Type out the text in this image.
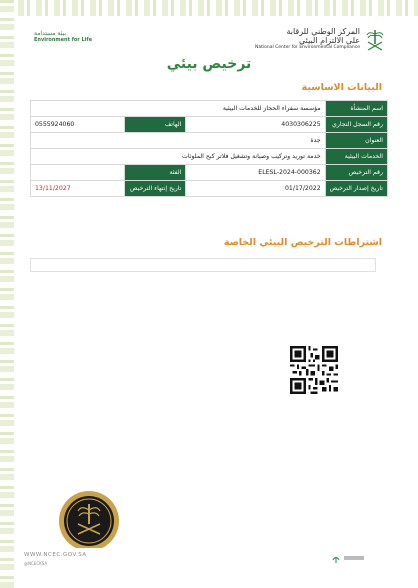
بيئة مستدامة
Environment for Life
المركز الوطني للرقابة
على الالتزام البيئي
National Center for Environmental Compliance
ترخيص بيئي
البيانات الاساسية
اسم المنشأة	مؤسسة سفراء الحجاز للخدمات البيئية		
رقم السجل التجاري	4030306225	الهاتف	0555924060
العنوان	جدة		
الخدمات البيئية	خدمة توريد وتركيب وصيانة وتشغيل فلاتر كبح الملوثات		
رقم الترخيص	ELESL-2024-000362	الفئة	
تاريخ إصدار الترخيص	01/17/2022	تاريخ إنتهاء الترخيص	13/11/2027
اشتراطات الترخيص البيئي الخاصة
WWW.NCEC.GOV.SA
@NCECKSA
